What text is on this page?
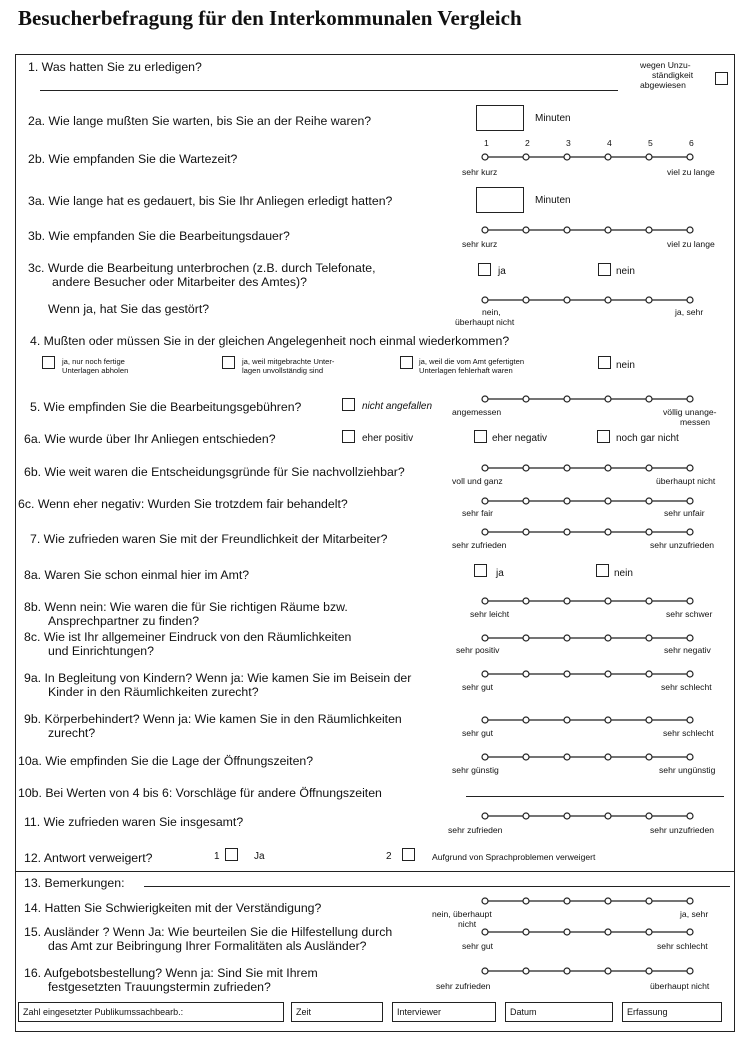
Besucherbefragung für den Interkommunalen Vergleich
1. Was hatten Sie zu erledigen?	wegen Unzu-
ständigkeit
abgewiesen
2a. Wie lange mußten Sie warten, bis Sie an der Reihe waren?	Minuten
2b. Wie empfanden Sie die Wartezeit?
1	2	3	4	5	6
sehr kurz	viel zu lange
3a. Wie lange hat es gedauert, bis Sie Ihr Anliegen erledigt hatten?	Minuten
3b. Wie empfanden Sie die Bearbeitungsdauer?
sehr kurz	viel zu lange
3c. Wurde die Bearbeitung unterbrochen (z.B. durch Telefonate,
andere Besucher oder Mitarbeiter des Amtes)?
ja	nein
Wenn ja, hat Sie das gestört?	nein,
überhaupt nicht
ja, sehr
4. Mußten oder müssen Sie in der gleichen Angelegenheit noch einmal wiederkommen?
ja, nur noch fertige
Unterlagen abholen
ja, weil mitgebrachte Unter-
lagen unvollständig sind
ja, weil die vom Amt gefertigten
Unterlagen fehlerhaft waren	nein
5. Wie empfinden Sie die Bearbeitungsgebühren?	nicht angefallen angemessen	völlig unange-
messen
6a. Wie wurde über Ihr Anliegen entschieden?	eher positiv	eher negativ	noch gar nicht
6b. Wie weit waren die Entscheidungsgründe für Sie nachvollziehbar?
voll und ganz	überhaupt nicht
6c. Wenn eher negativ: Wurden Sie trotzdem fair behandelt?
sehr fair	sehr unfair
7. Wie zufrieden waren Sie mit der Freundlichkeit der Mitarbeiter?	sehr zufrieden	sehr unzufrieden
8a. Waren Sie schon einmal hier im Amt?	ja	nein
8b. Wenn nein: Wie waren die für Sie richtigen Räume bzw.
Ansprechpartner zu finden?	sehr leicht	sehr schwer
8c. Wie ist Ihr allgemeiner Eindruck von den Räumlichkeiten
und Einrichtungen?	sehr positiv	sehr negativ
9a. In Begleitung von Kindern? Wenn ja: Wie kamen Sie im Beisein der
Kinder in den Räumlichkeiten zurecht?	sehr gut	sehr schlecht
9b. Körperbehindert? Wenn ja: Wie kamen Sie in den Räumlichkeiten
zurecht?	sehr gut	sehr schlecht
10a. Wie empfinden Sie die Lage der Öffnungszeiten?
sehr günstig	sehr ungünstig
10b. Bei Werten von 4 bis 6: Vorschläge für andere Öffnungszeiten
11. Wie zufrieden waren Sie insgesamt?
sehr zufrieden	sehr unzufrieden
12. Antwort verweigert?	1	Ja	2	Aufgrund von Sprachproblemen verweigert
13. Bemerkungen:
14. Hatten Sie Schwierigkeiten mit der Verständigung?	nein, überhaupt
nicht
ja, sehr
15. Ausländer ? Wenn Ja: Wie beurteilen Sie die Hilfestellung durch
das Amt zur Beibringung Ihrer Formalitäten als Ausländer?	sehr gut	sehr schlecht
16. Aufgebotsbestellung? Wenn ja: Sind Sie mit Ihrem
festgesetzten Trauungstermin zufrieden?	sehr zufrieden	überhaupt nicht
Zahl eingesetzter Publikumssachbearb.:	Zeit	Interviewer	Datum	Erfassung
